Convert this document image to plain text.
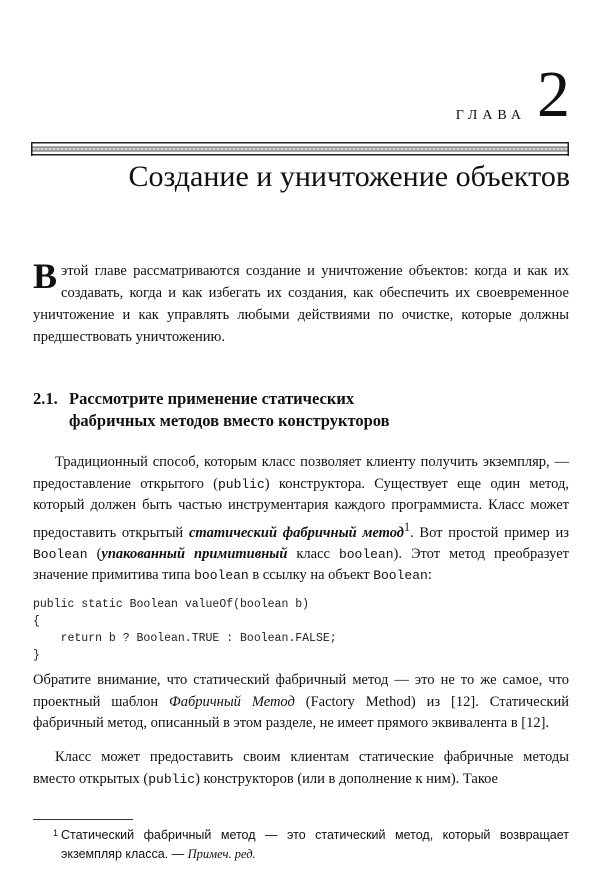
ГЛАВА 2
Создание и уничтожение объектов
Вэтой главе рассматриваются создание и уничтожение объектов: когда и как их создавать, когда и как избегать их создания, как обеспечить их своевременное уничтожение и как управлять любыми действиями по очистке, которые должны предшествовать уничтожению.
2.1. Рассмотрите применение статических
фабричных методов вместо конструкторов
Традиционный способ, которым класс позволяет клиенту получить экземпляр, — предоставление открытого (public) конструктора. Существует еще один метод, который должен быть частью инструментария каждого программиста. Класс может предоставить открытый статический фабричный метод$^1$. Вот простой пример из Boolean (упакованный примитивный класс boolean). Этот метод преобразует значение примитива типа boolean в ссылку на объект Boolean:
public static Boolean valueOf(boolean b)
{
return b ? Boolean.TRUE : Boolean.FALSE;
}
Обратите внимание, что статический фабричный метод — это не то же самое, что проектный шаблон Фабричный Метод (Factory Method) из [12]. Статический фабричный метод, описанный в этом разделе, не имеет прямого эквивалента в [12].
Класс может предоставить своим клиентам статические фабричные методы вместо открытых (public) конструкторов (или в дополнение к ним). Такое
1 Статический фабричный метод — это статический метод, который возвращает экземпляр класса. — Примеч. ред.
